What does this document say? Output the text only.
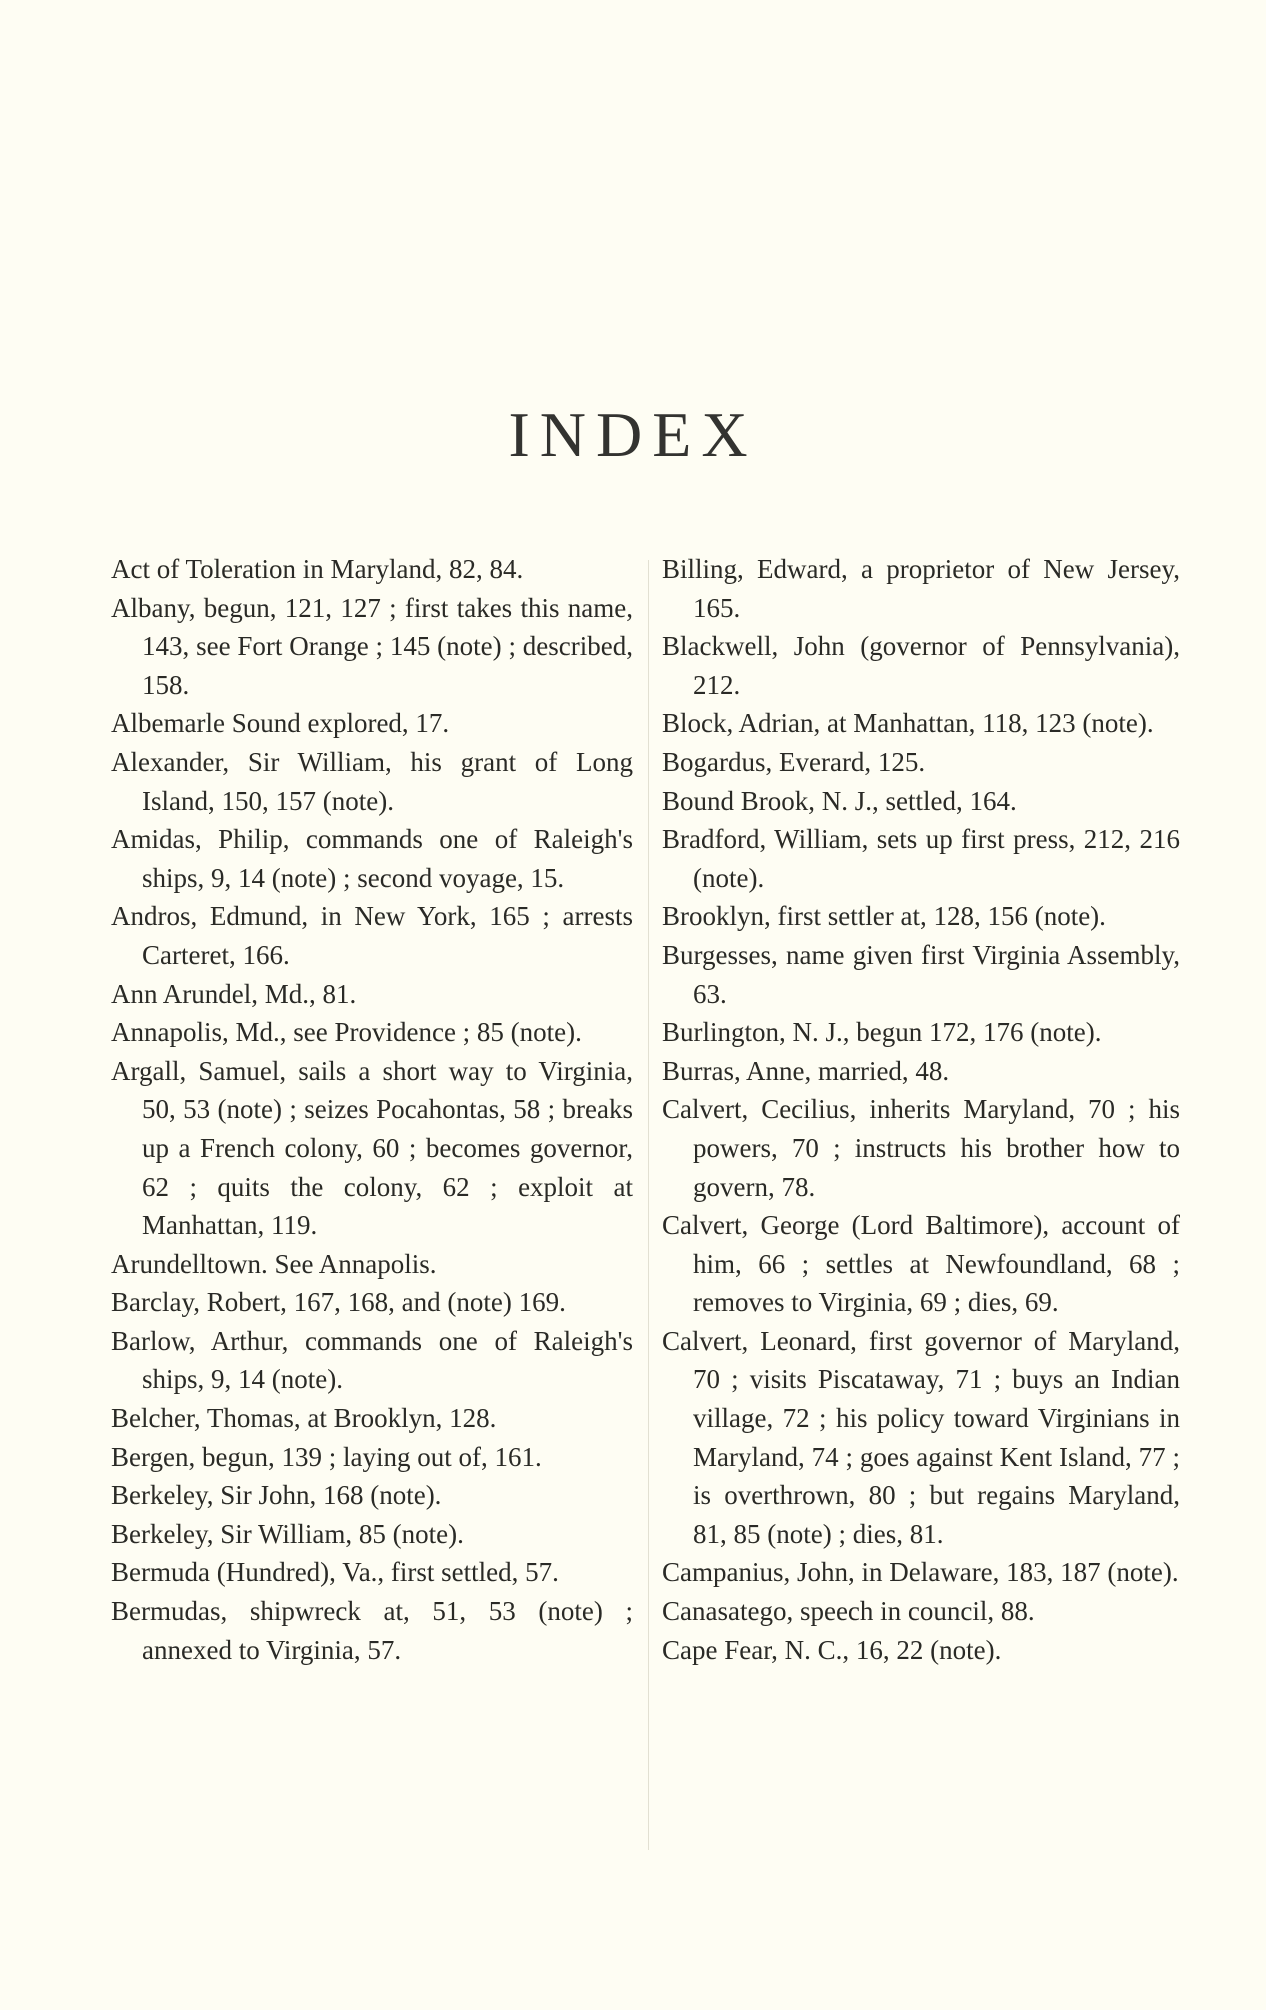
INDEX

Act of Toleration in Maryland, 82, 84.

Albany, begun, 121, 127 ; first takes this name, 143, see Fort Orange ; 145 (note) ; described, 158.

Albemarle Sound explored, 17.

Alexander, Sir William, his grant of Long Island, 150, 157 (note).

Amidas, Philip, commands one of Raleigh's ships, 9, 14 (note) ; second voyage, 15.

Andros, Edmund, in New York, 165 ; arrests Carteret, 166.

Ann Arundel, Md., 81.

Annapolis, Md., see Providence ; 85 (note).

Argall, Samuel, sails a short way to Virginia, 50, 53 (note) ; seizes Pocahontas, 58 ; breaks up a French colony, 60 ; becomes governor, 62 ; quits the colony, 62 ; exploit at Manhattan, 119.

Arundelltown. See Annapolis.

Barclay, Robert, 167, 168, and (note) 169.

Barlow, Arthur, commands one of Raleigh's ships, 9, 14 (note).

Belcher, Thomas, at Brooklyn, 128.

Bergen, begun, 139 ; laying out of, 161.

Berkeley, Sir John, 168 (note).

Berkeley, Sir William, 85 (note).

Bermuda (Hundred), Va., first settled, 57.

Bermudas, shipwreck at, 51, 53 (note) ; annexed to Virginia, 57.

Billing, Edward, a proprietor of New Jersey, 165.

Blackwell, John (governor of Pennsylvania), 212.

Block, Adrian, at Manhattan, 118, 123 (note).

Bogardus, Everard, 125.

Bound Brook, N. J., settled, 164.

Bradford, William, sets up first press, 212, 216 (note).

Brooklyn, first settler at, 128, 156 (note).

Burgesses, name given first Virginia Assembly, 63.

Burlington, N. J., begun 172, 176 (note).

Burras, Anne, married, 48.

Calvert, Cecilius, inherits Maryland, 70 ; his powers, 70 ; instructs his brother how to govern, 78.

Calvert, George (Lord Baltimore), account of him, 66 ; settles at Newfoundland, 68 ; removes to Virginia, 69 ; dies, 69.

Calvert, Leonard, first governor of Maryland, 70 ; visits Piscataway, 71 ; buys an Indian village, 72 ; his policy toward Virginians in Maryland, 74 ; goes against Kent Island, 77 ; is overthrown, 80 ; but regains Maryland, 81, 85 (note) ; dies, 81.

Campanius, John, in Delaware, 183, 187 (note).

Canasatego, speech in council, 88.

Cape Fear, N. C., 16, 22 (note).
